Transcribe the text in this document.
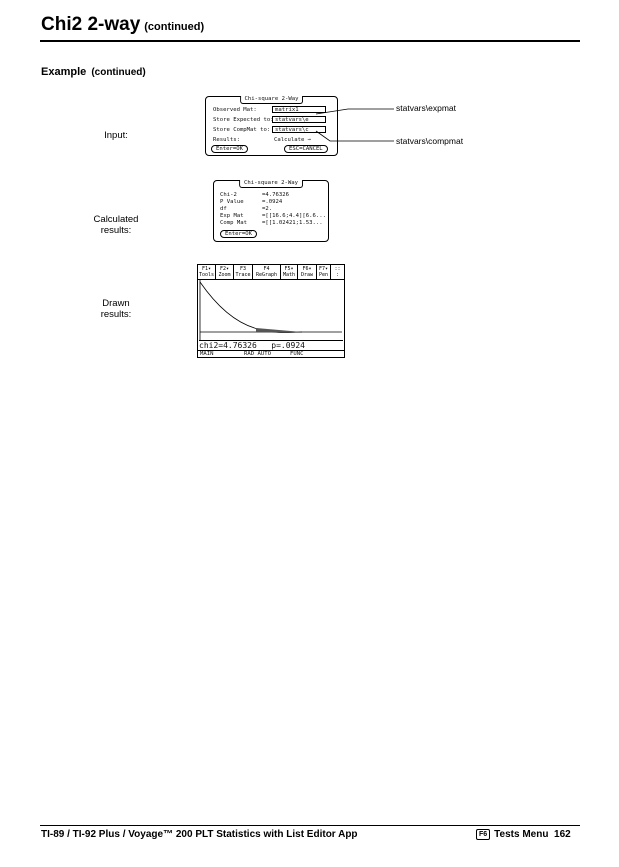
Chi2 2-way (continued)
Example (continued)
Input:
Chi-square 2-Way
Observed Mat:	matrix1
Store Expected to: statvars\e
Store CompMat to: statvars\c
Results:	Calculate →
Enter=OK	ESC=CANCEL
statvars\expmat
statvars\compmat
Calculated
results:
Chi-square 2-Way
Chi-2	=4.76326
P Value	=.0924
df	=2.
Exp Mat	=[[16.6;4.4][6.6...
Comp Mat	=[[1.02421;1.53...
Enter=OK
Drawn
results:
F1▾
Tools
F2▾
Zoom
F3
Trace
F4
ReGraph
F5▾
Math
F6▾
Draw
F7▾
Pen
::
:
chi2=4.76326   p=.0924
MAIN	RAD AUTO	FUNC
TI-89 / TI-92 Plus / Voyage™ 200 PLT Statistics with List Editor App	F6 Tests Menu 162
